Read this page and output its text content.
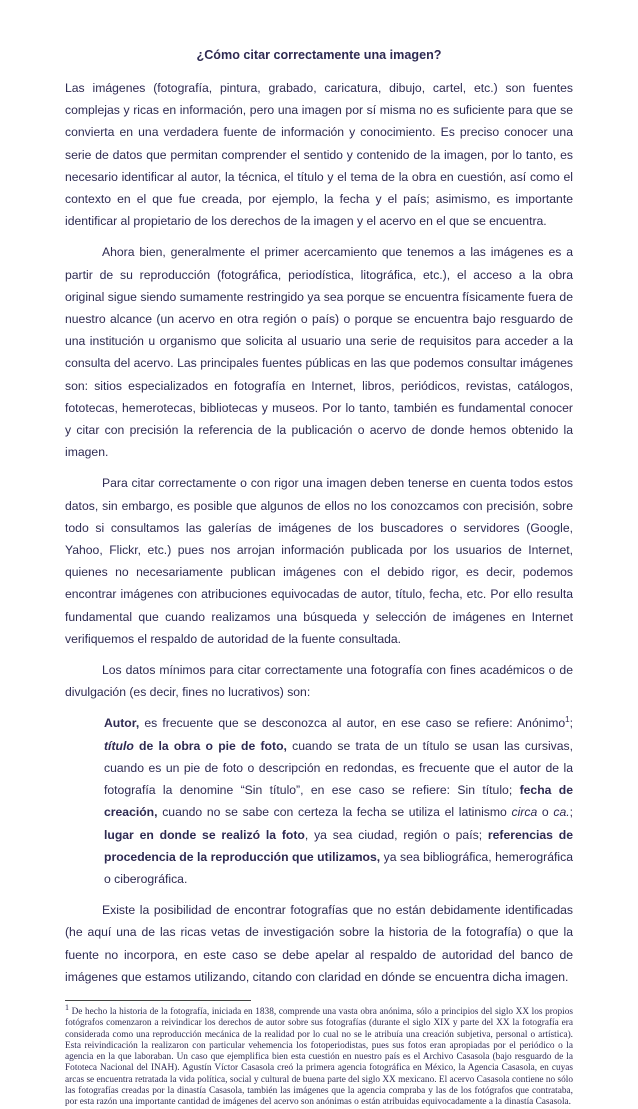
¿Cómo citar correctamente una imagen?

Las imágenes (fotografía, pintura, grabado, caricatura, dibujo, cartel, etc.) son fuentes complejas y ricas en información, pero una imagen por sí misma no es suficiente para que se convierta en una verdadera fuente de información y conocimiento. Es preciso conocer una serie de datos que permitan comprender el sentido y contenido de la imagen, por lo tanto, es necesario identificar al autor, la técnica, el título y el tema de la obra en cuestión, así como el contexto en el que fue creada, por ejemplo, la fecha y el país; asimismo, es importante identificar al propietario de los derechos de la imagen y el acervo en el que se encuentra.

Ahora bien, generalmente el primer acercamiento que tenemos a las imágenes es a partir de su reproducción (fotográfica, periodística, litográfica, etc.), el acceso a la obra original sigue siendo sumamente restringido ya sea porque se encuentra físicamente fuera de nuestro alcance (un acervo en otra región o país) o porque se encuentra bajo resguardo de una institución u organismo que solicita al usuario una serie de requisitos para acceder a la consulta del acervo. Las principales fuentes públicas en las que podemos consultar imágenes son: sitios especializados en fotografía en Internet, libros, periódicos, revistas, catálogos, fototecas, hemerotecas, bibliotecas y museos. Por lo tanto, también es fundamental conocer y citar con precisión la referencia de la publicación o acervo de donde hemos obtenido la imagen.

Para citar correctamente o con rigor una imagen deben tenerse en cuenta todos estos datos, sin embargo, es posible que algunos de ellos no los conozcamos con precisión, sobre todo si consultamos las galerías de imágenes de los buscadores o servidores (Google, Yahoo, Flickr, etc.) pues nos arrojan información publicada por los usuarios de Internet, quienes no necesariamente publican imágenes con el debido rigor, es decir, podemos encontrar imágenes con atribuciones equivocadas de autor, título, fecha, etc. Por ello resulta fundamental que cuando realizamos una búsqueda y selección de imágenes en Internet verifiquemos el respaldo de autoridad de la fuente consultada.

Los datos mínimos para citar correctamente una fotografía con fines académicos o de divulgación (es decir, fines no lucrativos) son:

Autor, es frecuente que se desconozca al autor, en ese caso se refiere: Anónimo$^1$; título de la obra o pie de foto, cuando se trata de un título se usan las cursivas, cuando es un pie de foto o descripción en redondas, es frecuente que el autor de la fotografía la denomine “Sin título”, en ese caso se refiere: Sin título; fecha de creación, cuando no se sabe con certeza la fecha se utiliza el latinismo circa o ca.; lugar en donde se realizó la foto, ya sea ciudad, región o país; referencias de procedencia de la reproducción que utilizamos, ya sea bibliográfica, hemerográfica o ciberográfica.

Existe la posibilidad de encontrar fotografías que no están debidamente identificadas (he aquí una de las ricas vetas de investigación sobre la historia de la fotografía) o que la fuente no incorpora, en este caso se debe apelar al respaldo de autoridad del banco de imágenes que estamos utilizando, citando con claridad en dónde se encuentra dicha imagen.

$^1$ De hecho la historia de la fotografía, iniciada en 1838, comprende una vasta obra anónima, sólo a principios del siglo XX los propios fotógrafos comenzaron a reivindicar los derechos de autor sobre sus fotografías (durante el siglo XIX y parte del XX la fotografía era considerada como una reproducción mecánica de la realidad por lo cual no se le atribuía una creación subjetiva, personal o artística). Esta reivindicación la realizaron con particular vehemencia los fotoperiodistas, pues sus fotos eran apropiadas por el periódico o la agencia en la que laboraban. Un caso que ejemplifica bien esta cuestión en nuestro país es el Archivo Casasola (bajo resguardo de la Fototeca Nacional del INAH). Agustín Víctor Casasola creó la primera agencia fotográfica en México, la Agencia Casasola, en cuyas arcas se encuentra retratada la vida política, social y cultural de buena parte del siglo XX mexicano. El acervo Casasola contiene no sólo las fotografías creadas por la dinastía Casasola, también las imágenes que la agencia compraba y las de los fotógrafos que contrataba, por esta razón una importante cantidad de imágenes del acervo son anónimas o están atribuidas equivocadamente a la dinastía Casasola.
